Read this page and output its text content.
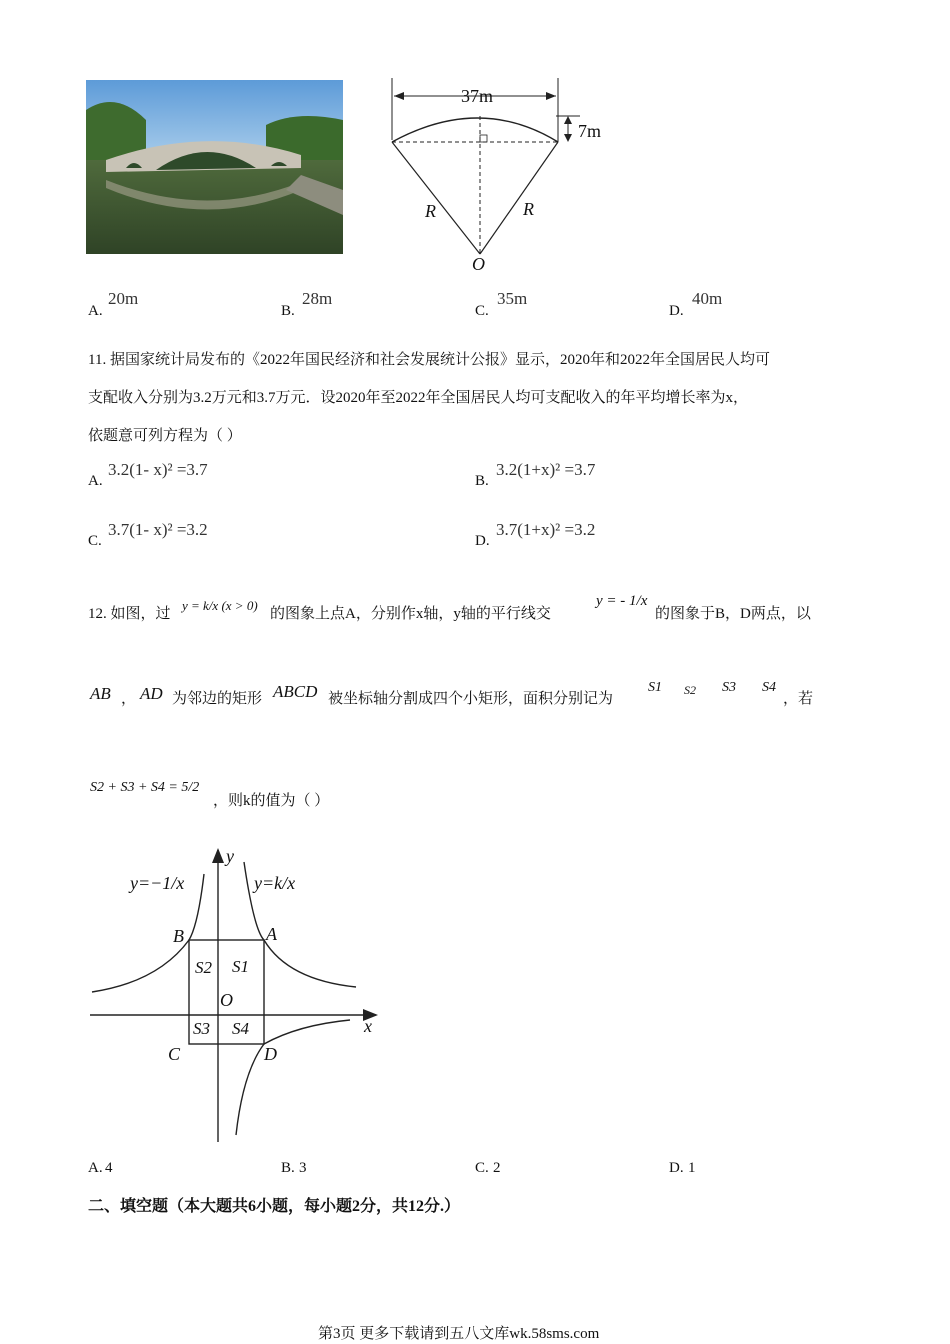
37m
7m
R	R
O
A.
20m
B.
28m
C.
35m
D.
40m
11. 据国家统计局发布的《2022年国民经济和社会发展统计公报》显示，2020年和2022年全国居民人均可
支配收入分别为3.2万元和3.7万元．设2020年至2022年全国居民人均可支配收入的年平均增长率为x，
依题意可列方程为（ ）
A.
3.2(1- x)² =3.7
B.
3.2(1+x)² =3.7
C.
3.7(1- x)² =3.2
D.
3.7(1+x)² =3.2
12. 如图，过
y = k/x (x > 0)
的图象上点A，分别作x轴，y轴的平行线交
y = - 1/x
的图象于B，D两点，以
AB ， AD 为邻边的矩形 ABCD 被坐标轴分割成四个小矩形，面积分别记为
S1 S2 S3 S4
，若
S2 + S3 + S4 = 5/2
，则k的值为（ ）
y
x
O
y=−1/x	y=k/x
A
B
C	D
S1
S2
S3 S4
A. 4	B. 3	C. 2	D. 1
二、填空题（本大题共6小题，每小题2分，共12分.）
第3页 更多下载请到五八文库wk.58sms.com
